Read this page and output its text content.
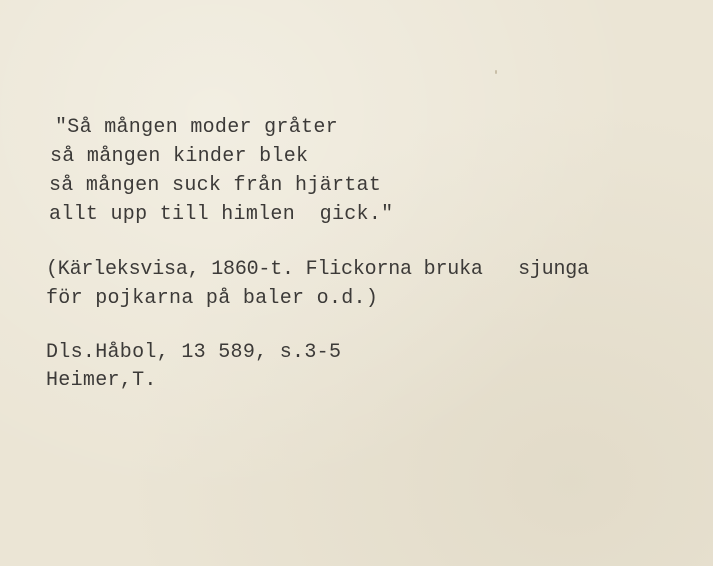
"Så mången moder gråter
så mången kinder blek
så mången suck från hjärtat
allt upp till himlen  gick."
(Kärleksvisa, 1860-t. Flickorna bruka   sjunga
för pojkarna på baler o.d.)
Dls.Håbol, 13 589, s.3-5
Heimer,T.
